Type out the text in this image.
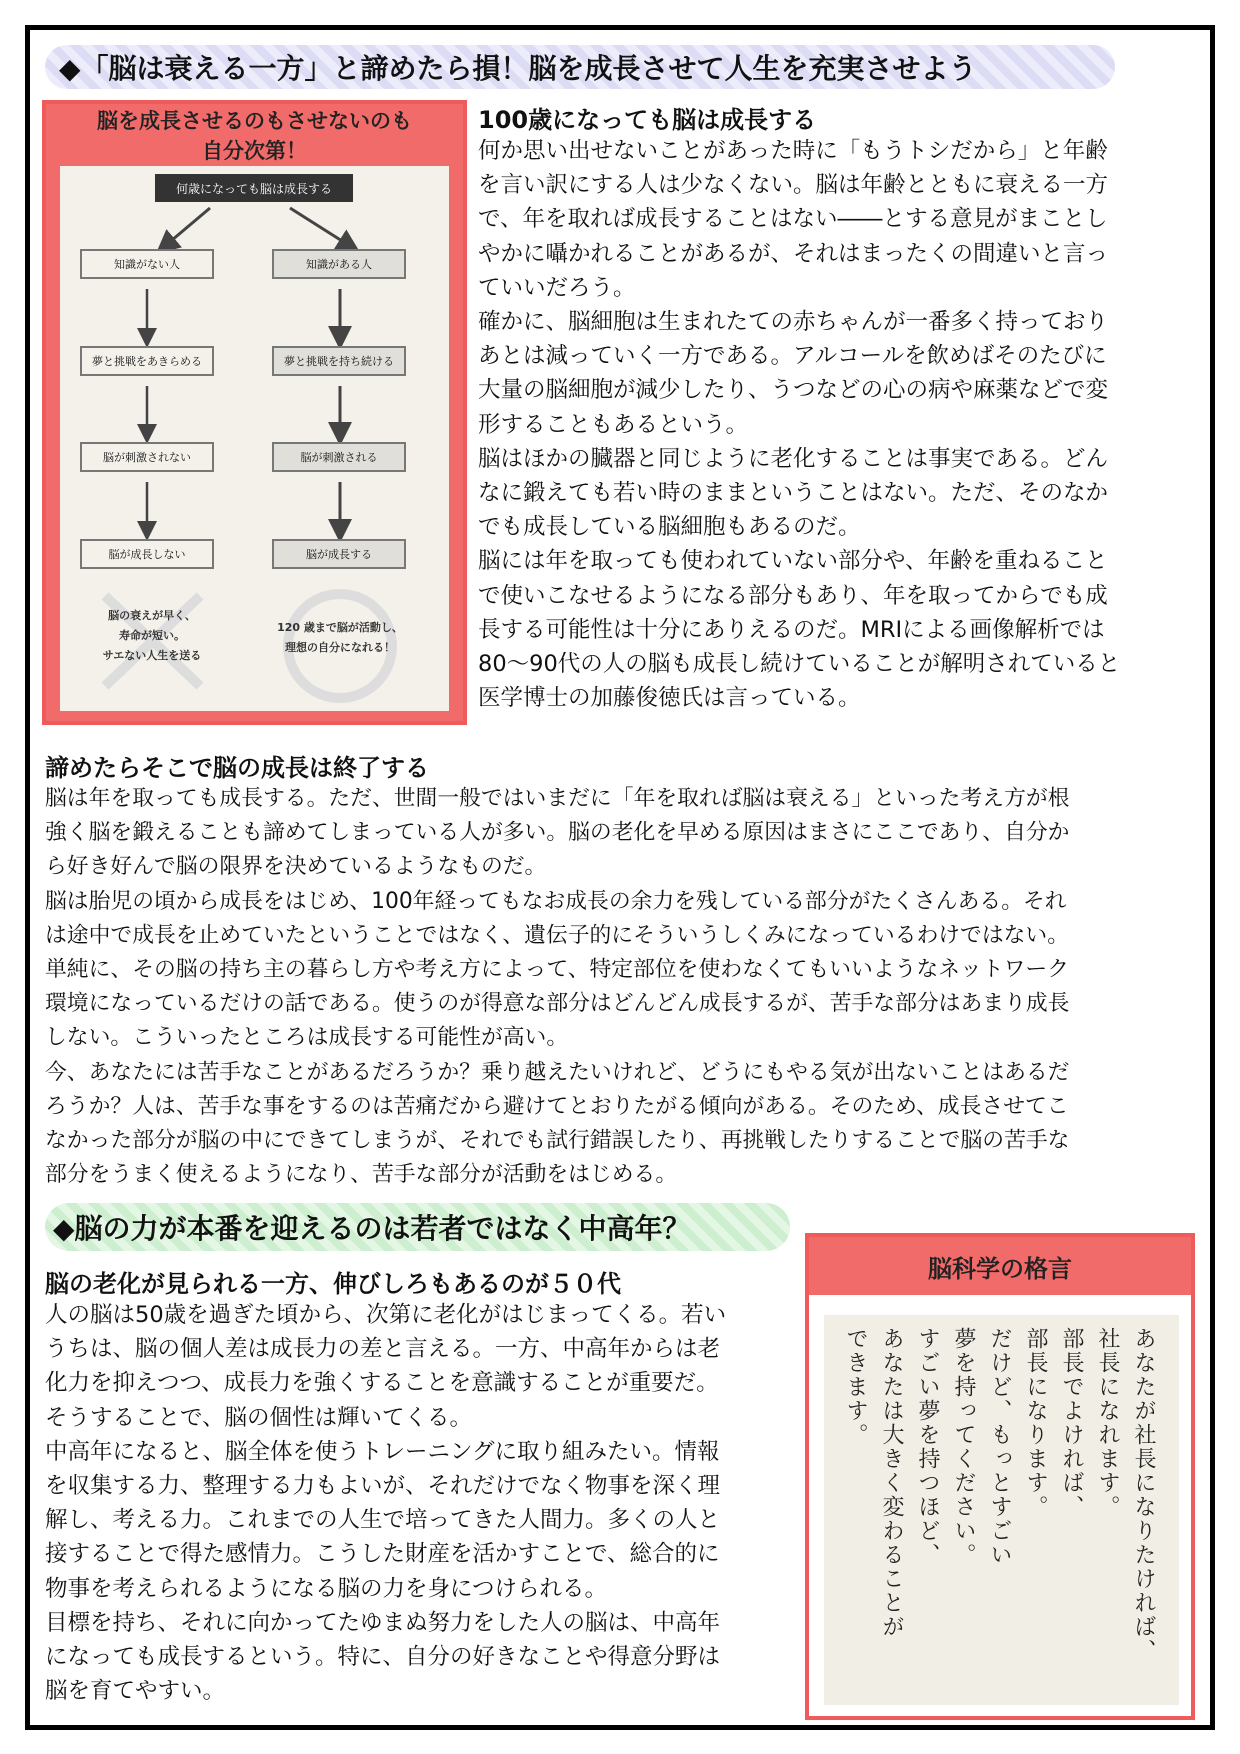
◆「脳は衰える一方」と諦めたら損！脳を成長させて人生を充実させよう
脳を成長させるのもさせないのも
自分次第！
何歳になっても脳は成長する
知識がない人
夢と挑戦をあきらめる
脳が刺激されない
脳が成長しない
知識がある人
夢と挑戦を持ち続ける
脳が刺激される
脳が成長する
脳の衰えが早く、
寿命が短い。
サエない人生を送る
120 歳まで脳が活動し、
理想の自分になれる！
100歳になっても脳は成長する

何か思い出せないことがあった時に「もうトシだから」と年齢

を言い訳にする人は少なくない。脳は年齢とともに衰える一方

で、年を取れば成長することはない――とする意見がまことし

やかに囁かれることがあるが、それはまったくの間違いと言っ

ていいだろう。

確かに、脳細胞は生まれたての赤ちゃんが一番多く持っており

あとは減っていく一方である。アルコールを飲めばそのたびに

大量の脳細胞が減少したり、うつなどの心の病や麻薬などで変

形することもあるという。

脳はほかの臓器と同じように老化することは事実である。どん

なに鍛えても若い時のままということはない。ただ、そのなか

でも成長している脳細胞もあるのだ。

脳には年を取っても使われていない部分や、年齢を重ねること

で使いこなせるようになる部分もあり、年を取ってからでも成

長する可能性は十分にありえるのだ。MRIによる画像解析では

80～90代の人の脳も成長し続けていることが解明されていると

医学博士の加藤俊徳氏は言っている。

諦めたらそこで脳の成長は終了する

脳は年を取っても成長する。ただ、世間一般ではいまだに「年を取れば脳は衰える」といった考え方が根

強く脳を鍛えることも諦めてしまっている人が多い。脳の老化を早める原因はまさにここであり、自分か

ら好き好んで脳の限界を決めているようなものだ。

脳は胎児の頃から成長をはじめ、100年経ってもなお成長の余力を残している部分がたくさんある。それ

は途中で成長を止めていたということではなく、遺伝子的にそういうしくみになっているわけではない。

単純に、その脳の持ち主の暮らし方や考え方によって、特定部位を使わなくてもいいようなネットワーク

環境になっているだけの話である。使うのが得意な部分はどんどん成長するが、苦手な部分はあまり成長

しない。こういったところは成長する可能性が高い。

今、あなたには苦手なことがあるだろうか？乗り越えたいけれど、どうにもやる気が出ないことはあるだ

ろうか？人は、苦手な事をするのは苦痛だから避けてとおりたがる傾向がある。そのため、成長させてこ

なかった部分が脳の中にできてしまうが、それでも試行錯誤したり、再挑戦したりすることで脳の苦手な

部分をうまく使えるようになり、苦手な部分が活動をはじめる。

◆脳の力が本番を迎えるのは若者ではなく中高年？
脳の老化が見られる一方、伸びしろもあるのが５０代

人の脳は50歳を過ぎた頃から、次第に老化がはじまってくる。若い

うちは、脳の個人差は成長力の差と言える。一方、中高年からは老

化力を抑えつつ、成長力を強くすることを意識することが重要だ。

そうすることで、脳の個性は輝いてくる。

中高年になると、脳全体を使うトレーニングに取り組みたい。情報

を収集する力、整理する力もよいが、それだけでなく物事を深く理

解し、考える力。これまでの人生で培ってきた人間力。多くの人と

接することで得た感情力。こうした財産を活かすことで、総合的に

物事を考えられるようになる脳の力を身につけられる。

目標を持ち、それに向かってたゆまぬ努力をした人の脳は、中高年

になっても成長するという。特に、自分の好きなことや得意分野は

脳を育てやすい。

脳科学の格言

あなたが社長になりたければ、

社長になれます。

部長でよければ、

部長になります。

だけど、もっとすごい

夢を持ってください。

すごい夢を持つほど、

あなたは大きく変わることが

できます。
